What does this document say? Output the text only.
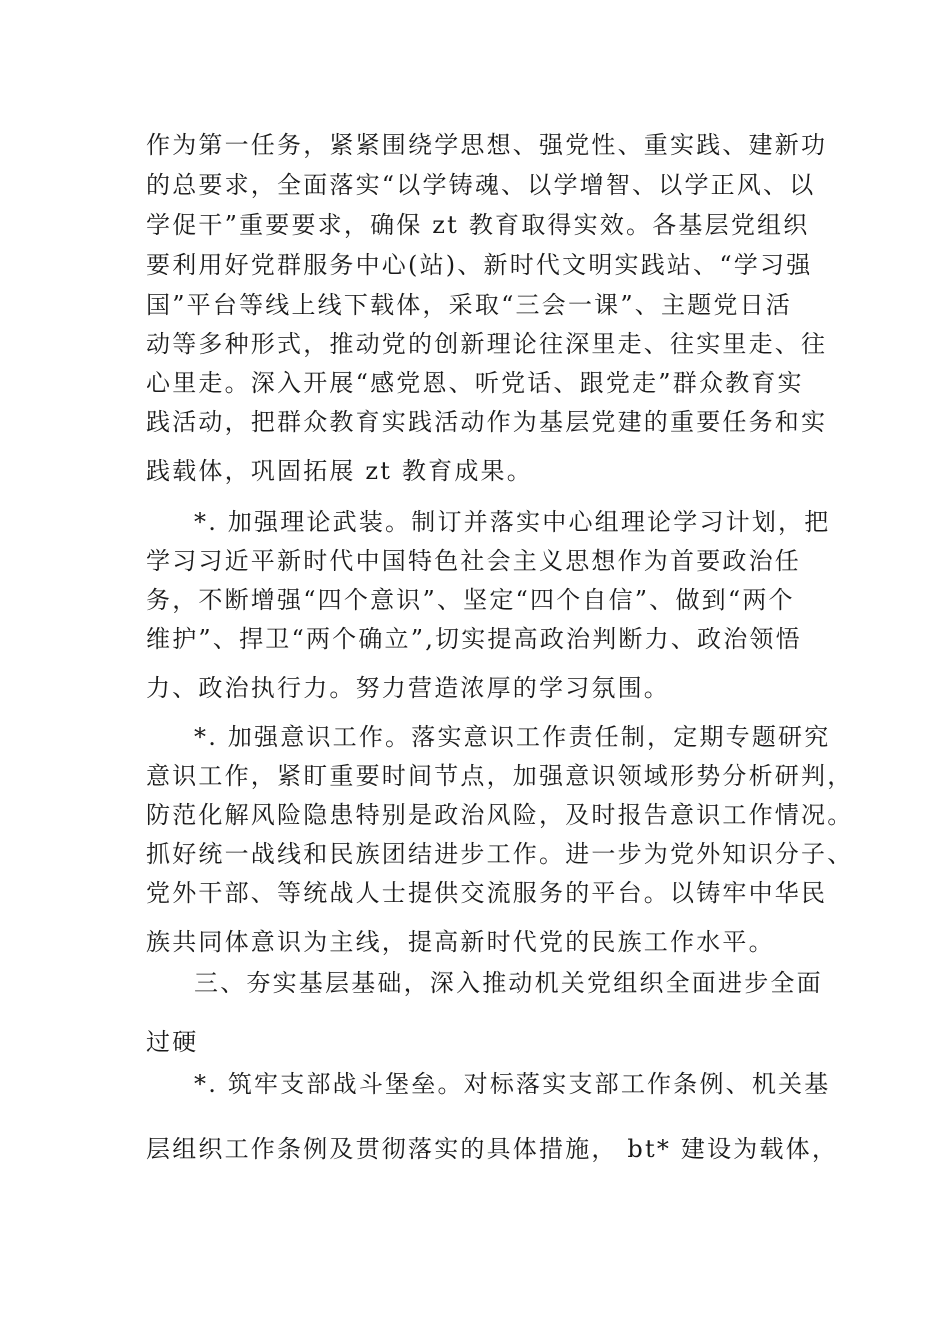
作为第一任务，紧紧围绕学思想、强党性、重实践、建新功
的总要求，全面落实“以学铸魂、以学增智、以学正风、以
学促干”重要要求，确保 zt 教育取得实效。各基层党组织
要利用好党群服务中心(站)、新时代文明实践站、“学习强
国”平台等线上线下载体，采取“三会一课”、主题党日活
动等多种形式，推动党的创新理论往深里走、往实里走、往
心里走。深入开展“感党恩、听党话、跟党走”群众教育实
践活动，把群众教育实践活动作为基层党建的重要任务和实
践载体，巩固拓展 zt 教育成果。
*. 加强理论武装。制订并落实中心组理论学习计划，把
学习习近平新时代中国特色社会主义思想作为首要政治任
务，不断增强“四个意识”、坚定“四个自信”、做到“两个
维护”、捍卫“两个确立”,切实提高政治判断力、政治领悟
力、政治执行力。努力营造浓厚的学习氛围。
*. 加强意识工作。落实意识工作责任制，定期专题研究
意识工作，紧盯重要时间节点，加强意识领域形势分析研判，
防范化解风险隐患特别是政治风险，及时报告意识工作情况。
抓好统一战线和民族团结进步工作。进一步为党外知识分子、
党外干部、等统战人士提供交流服务的平台。以铸牢中华民
族共同体意识为主线，提高新时代党的民族工作水平。
三、夯实基层基础，深入推动机关党组织全面进步全面
过硬
*. 筑牢支部战斗堡垒。对标落实支部工作条例、机关基
层组织工作条例及贯彻落实的具体措施， bt* 建设为载体，
